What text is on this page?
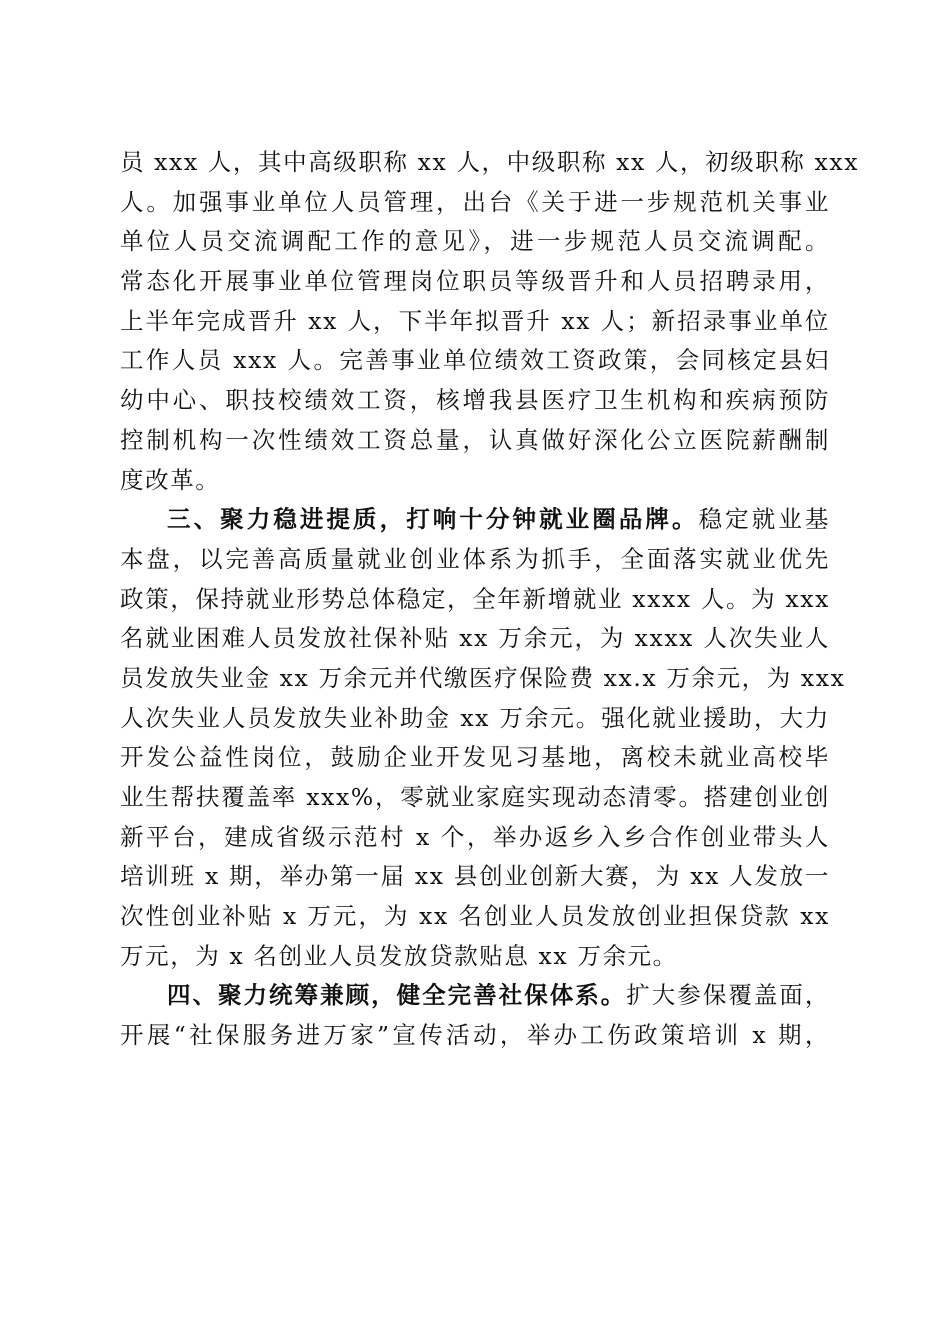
员 xxx 人，其中高级职称 xx 人，中级职称 xx 人，初级职称 xxx
人。加强事业单位人员管理，出台《关于进一步规范机关事业
单位人员交流调配工作的意见》，进一步规范人员交流调配。
常态化开展事业单位管理岗位职员等级晋升和人员招聘录用，
上半年完成晋升 xx 人，下半年拟晋升 xx 人；新招录事业单位
工作人员 xxx 人。完善事业单位绩效工资政策，会同核定县妇
幼中心、职技校绩效工资，核增我县医疗卫生机构和疾病预防
控制机构一次性绩效工资总量，认真做好深化公立医院薪酬制
度改革。
三、聚力稳进提质，打响十分钟就业圈品牌。稳定就业基
本盘，以完善高质量就业创业体系为抓手，全面落实就业优先
政策，保持就业形势总体稳定，全年新增就业 xxxx 人。为 xxx
名就业困难人员发放社保补贴 xx 万余元，为 xxxx 人次失业人
员发放失业金 xx 万余元并代缴医疗保险费 xx.x 万余元，为 xxx
人次失业人员发放失业补助金 xx 万余元。强化就业援助，大力
开发公益性岗位，鼓励企业开发见习基地，离校未就业高校毕
业生帮扶覆盖率 xxx%，零就业家庭实现动态清零。搭建创业创
新平台，建成省级示范村 x 个，举办返乡入乡合作创业带头人
培训班 x 期，举办第一届 xx 县创业创新大赛，为 xx 人发放一
次性创业补贴 x 万元，为 xx 名创业人员发放创业担保贷款 xx
万元，为 x 名创业人员发放贷款贴息 xx 万余元。
四、聚力统筹兼顾，健全完善社保体系。扩大参保覆盖面，
开展“社保服务进万家”宣传活动，举办工伤政策培训 x 期，
